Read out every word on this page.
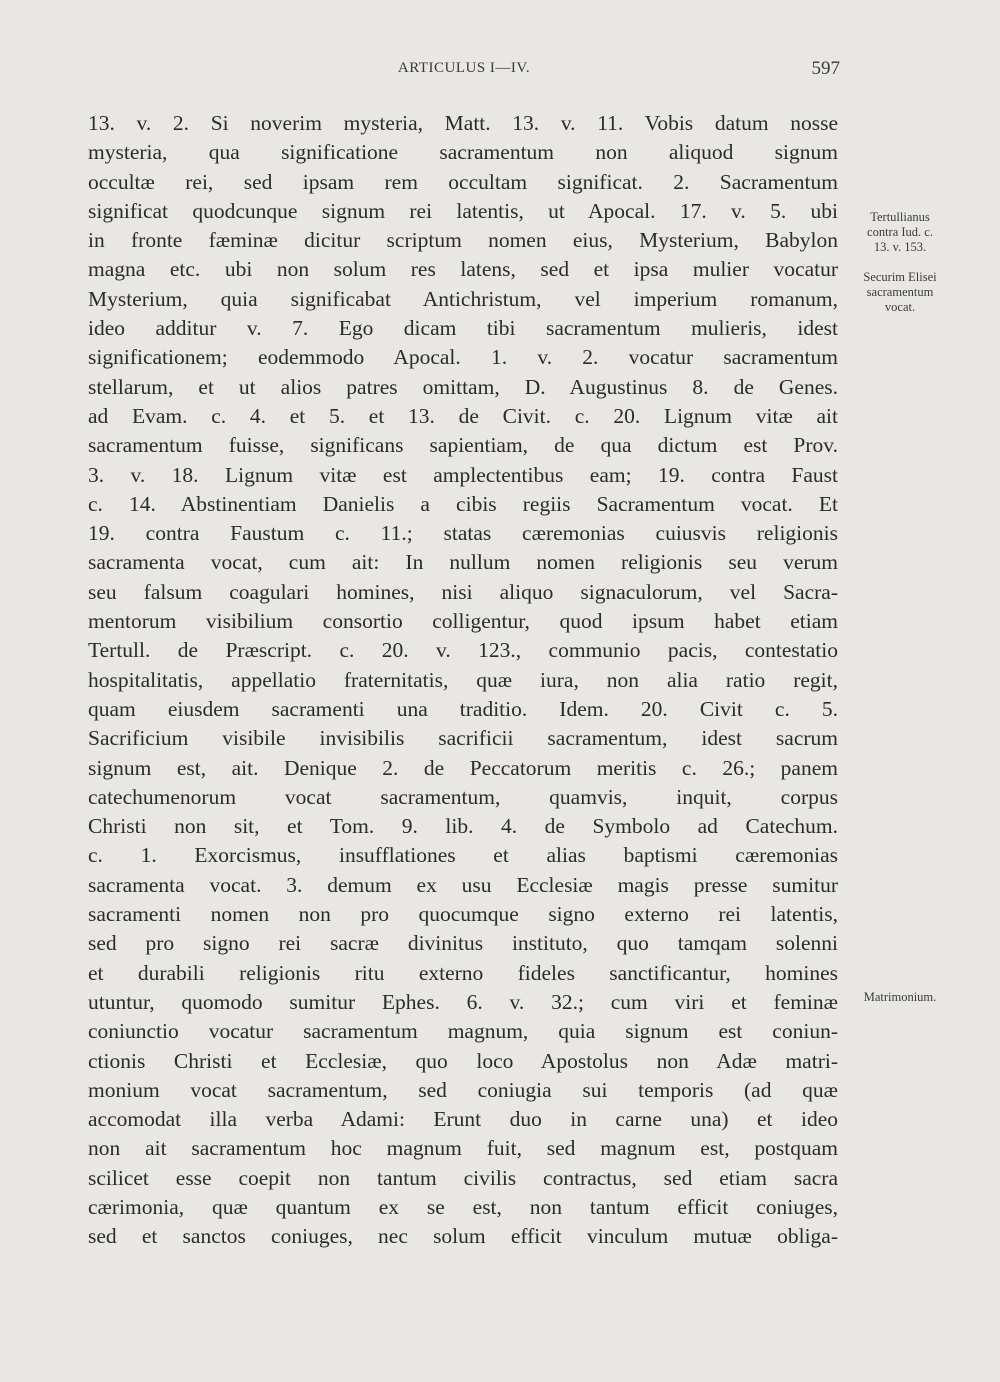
ARTICULUS I—IV.	597
13. v. 2. Si noverim mysteria, Matt. 13. v. 11. Vobis datum nosse
mysteria, qua significatione sacramentum non aliquod signum
occultæ rei, sed ipsam rem occultam significat. 2. Sacramentum
significat quodcunque signum rei latentis, ut Apocal. 17. v. 5. ubi
in fronte fæminæ dicitur scriptum nomen eius, Mysterium, Babylon
magna etc. ubi non solum res latens, sed et ipsa mulier vocatur
Mysterium, quia significabat Antichristum, vel imperium romanum,
ideo additur v. 7. Ego dicam tibi sacramentum mulieris, idest
significationem; eodemmodo Apocal. 1. v. 2. vocatur sacramentum
stellarum, et ut alios patres omittam, D. Augustinus 8. de Genes.
ad Evam. c. 4. et 5. et 13. de Civit. c. 20. Lignum vitæ ait
sacramentum fuisse, significans sapientiam, de qua dictum est Prov.
3. v. 18. Lignum vitæ est amplectentibus eam; 19. contra Faust
c. 14. Abstinentiam Danielis a cibis regiis Sacramentum vocat. Et
19. contra Faustum c. 11.; statas cæremonias cuiusvis religionis
sacramenta vocat, cum ait: In nullum nomen religionis seu verum
seu falsum coagulari homines, nisi aliquo signaculorum, vel Sacra-
mentorum visibilium consortio colligentur, quod ipsum habet etiam
Tertull. de Præscript. c. 20. v. 123., communio pacis, contestatio
hospitalitatis, appellatio fraternitatis, quæ iura, non alia ratio regit,
quam eiusdem sacramenti una traditio. Idem. 20. Civit c. 5.
Sacrificium visibile invisibilis sacrificii sacramentum, idest sacrum
signum est, ait. Denique 2. de Peccatorum meritis c. 26.; panem
catechumenorum vocat sacramentum, quamvis, inquit, corpus
Christi non sit, et Tom. 9. lib. 4. de Symbolo ad Catechum.
c. 1. Exorcismus, insufflationes et alias baptismi cæremonias
sacramenta vocat. 3. demum ex usu Ecclesiæ magis presse sumitur
sacramenti nomen non pro quocumque signo externo rei latentis,
sed pro signo rei sacræ divinitus instituto, quo tamqam solenni
et durabili religionis ritu externo fideles sanctificantur, homines
utuntur, quomodo sumitur Ephes. 6. v. 32.; cum viri et feminæ
coniunctio vocatur sacramentum magnum, quia signum est coniun-
ctionis Christi et Ecclesiæ, quo loco Apostolus non Adæ matri-
monium vocat sacramentum, sed coniugia sui temporis (ad quæ
accomodat illa verba Adami: Erunt duo in carne una) et ideo
non ait sacramentum hoc magnum fuit, sed magnum est, postquam
scilicet esse coepit non tantum civilis contractus, sed etiam sacra
cærimonia, quæ quantum ex se est, non tantum efficit coniuges,
sed et sanctos coniuges, nec solum efficit vinculum mutuæ obliga-
Tertullianus
contra Iud. c.
13. v. 153.
Securim Elisei
sacramentum
vocat.
Matrimonium.
